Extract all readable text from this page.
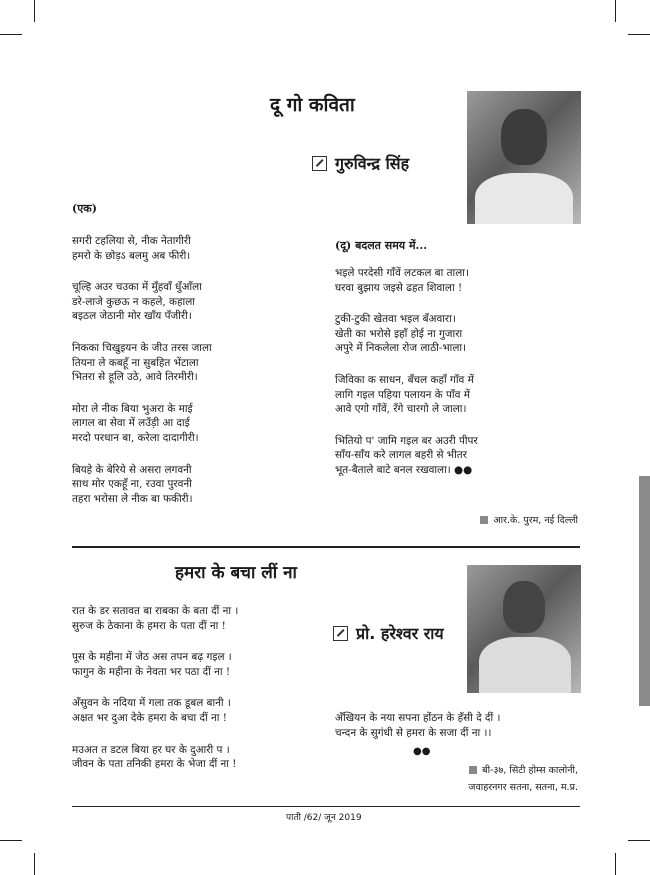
दू गो कविता
गुरुविन्द्र सिंह
(एक)
सगरी टहलिया से, नीक नेतागीरी
हमरो के छोड़ऽ बलमु अब फीरी।
चूल्हि अउर चउका में मुँहवाँ धुँआँला
डरे-लाजे कुछऊ न कहले, कहाला
बइठल जेठानी मोर खाँय पँजीरी।
निकका चिखुइयन के जीउ तरस जाला
तियना ले कबहूँ ना सुबहित भेंटाला
भितरा से हूलि उठे, आवे तिरमीरी।
मोरा ले नीक बिया भुअरा के माई
लागल बा सेवा में लउँड़ी आ दाई
मरदो परधान बा, करेला दादागीरी।
बियहे के बेरिये से असरा लगवनी
साथ मोर एकहूँ ना, रउवा पुरवनी
तहरा भरोसा ले नीक बा फकीरी।
(दू) बदलत समय में...
भइले परदेसी गाँवें लटकल बा ताला।
घरवा बुझाय जइसे ढहत शिवाला !
टुकी-टुकी खेतवा भइल बँअवारा।
खेती का भरोसे इहाँ होई ना गुजारा
अपुरे में निकलेला रोज लाठी-भाला।
जिविका क साधन, बँचल कहाँ गाँव में
लागि गइल पहिया पलायन के पाँव में
आवे एगो गाँवें, रँगे चारगो ले जाला।
भितियो प' जामि गइल बर अउरी पीपर
साँय-साँय करे लागल बहरी से भीतर
भूत-बैताले बाटे बनल रखवाला। ●●
आर.के. पुरम, नई दिल्ली
हमरा के बचा लीं ना
प्रो. हरेश्वर राय
रात के डर सतावत बा राबका के बता दीं ना ।
सुरुज के ठेकाना के हमरा के पता दीं ना !
पूस के महीना में जेठ अस तपन बढ़ गइल ।
फागुन के महीना के नेवता भर पठा दीं ना !
अँसुवन के नदिया में गला तक डूबल बानी ।
अक्षत भर दुआ देके हमरा के बचा दीं ना !
मउअत त डटल बिया हर घर के दुआरी प ।
जीवन के पता तनिकी हमरा के भेजा दीं ना !
अँखियन के नया सपना होंठन के हँसी दे दीं ।
चन्दन के सुगंधी से हमरा के सजा दीं ना ।।
●●
बी-३७, सिटी होम्स कालोनी,
जवाहरनगर सतना, सतना, म.प्र.
पाती /62/ जून 2019
